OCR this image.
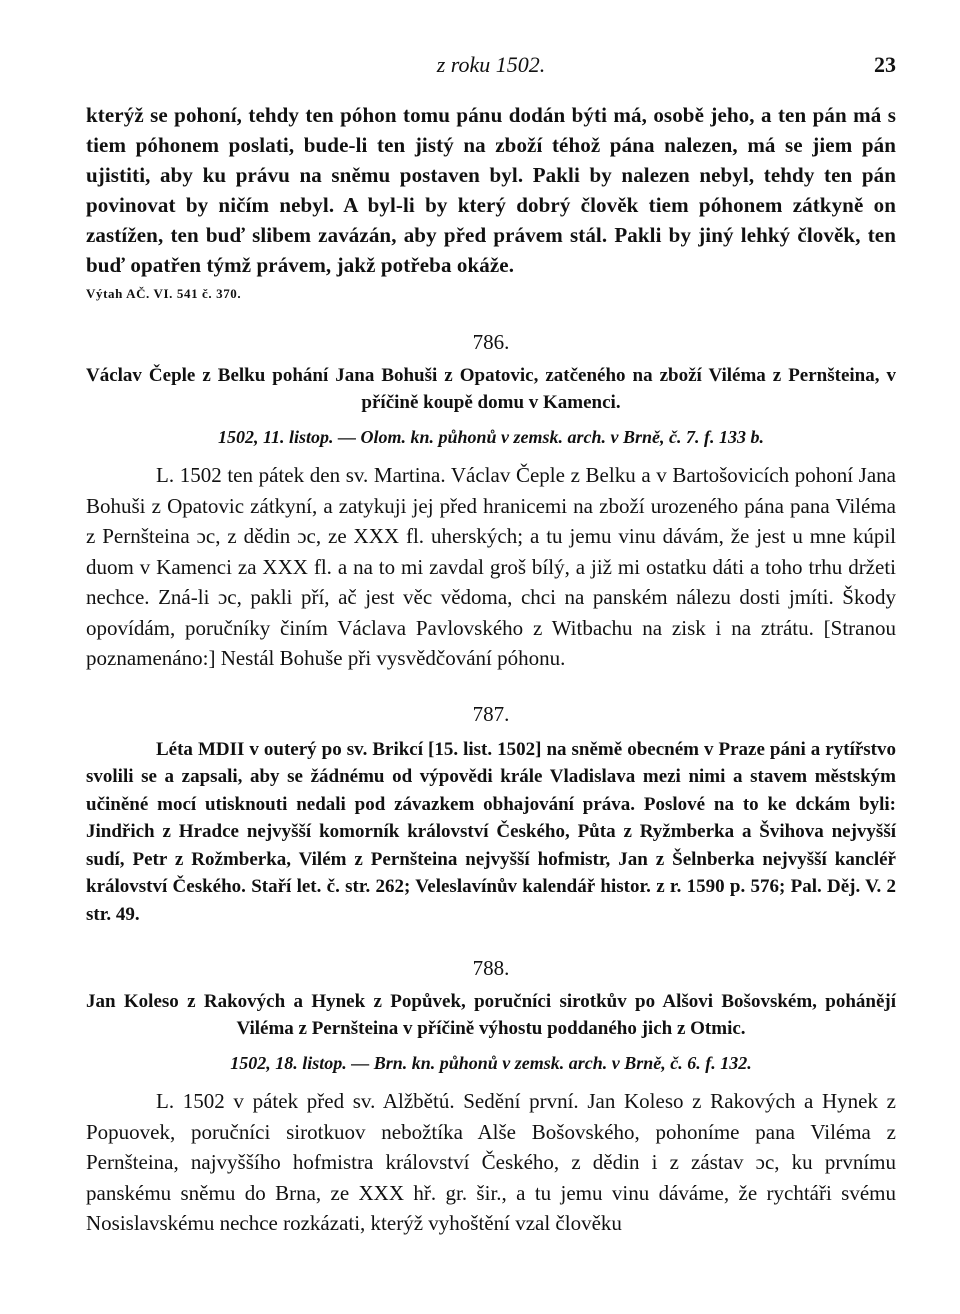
z roku 1502.	23

kterýž se pohoní, tehdy ten póhon tomu pánu dodán býti má, osobě jeho, a ten pán má s tiem póhonem poslati, bude-li ten jistý na zboží téhož pána nalezen, má se jiem pán ujistiti, aby ku právu na sněmu postaven byl. Pakli by nalezen nebyl, tehdy ten pán povinovat by ničím nebyl. A byl-li by který dobrý člověk tiem póhonem zátkyně on zastížen, ten buď slibem zavázán, aby před právem stál. Pakli by jiný lehký člověk, ten buď opatřen týmž právem, jakž potřeba okáže.

Výtah AČ. VI. 541 č. 370.
786.

Václav Čeple z Belku pohání Jana Bohuši z Opatovic, zatčeného na zboží Viléma z Pernšteina, v příčině koupě domu v Kamenci.

1502, 11. listop. — Olom. kn. půhonů v zemsk. arch. v Brně, č. 7. f. 133 b.

L. 1502 ten pátek den sv. Martina. Václav Čeple z Belku a v Bartošovicích pohoní Jana Bohuši z Opatovic zátkyní, a zatykuji jej před hranicemi na zboží urozeného pána pana Viléma z Pernšteina ɔc, z dědin ɔc, ze XXX fl. uherských; a tu jemu vinu dávám, že jest u mne kúpil duom v Kamenci za XXX fl. a na to mi zavdal groš bílý, a již mi ostatku dáti a toho trhu držeti nechce. Zná-li ɔc, pakli pří, ač jest věc vědoma, chci na panském nálezu dosti jmíti. Škody opovídám, poručníky činím Václava Pavlovského z Witbachu na zisk i na ztrátu. [Stranou poznamenáno:] Nestál Bohuše při vysvědčování póhonu.

787.

Léta MDII v outerý po sv. Brikcí [15. list. 1502] na sněmě obecném v Praze páni a rytířstvo svolili se a zapsali, aby se žádnému od výpovědi krále Vladislava mezi nimi a stavem městským učiněné mocí utisknouti nedali pod závazkem obhajování práva. Poslové na to ke dckám byli: Jindřich z Hradce nejvyšší komorník království Českého, Půta z Ryžmberka a Švihova nejvyšší sudí, Petr z Rožmberka, Vilém z Pernšteina nejvyšší hofmistr, Jan z Šelnberka nejvyšší kancléř království Českého. Staří let. č. str. 262; Veleslavínův kalendář histor. z r. 1590 p. 576; Pal. Děj. V. 2 str. 49.

788.

Jan Koleso z Rakových a Hynek z Popůvek, poručníci sirotkův po Alšovi Bošovském, pohánějí Viléma z Pernšteina v příčině výhostu poddaného jich z Otmic.

1502, 18. listop. — Brn. kn. půhonů v zemsk. arch. v Brně, č. 6. f. 132.

L. 1502 v pátek před sv. Alžbětú. Sedění první. Jan Koleso z Rakových a Hynek z Popuovek, poručníci sirotkuov nebožtíka Alše Bošovského, pohoníme pana Viléma z Pernšteina, najvyššího hofmistra království Českého, z dědin i z zástav ɔc, ku prvnímu panskému sněmu do Brna, ze XXX hř. gr. šir., a tu jemu vinu dáváme, že rychtáři svému Nosislavskému nechce rozkázati, kterýž vyhoštění vzal člověku
